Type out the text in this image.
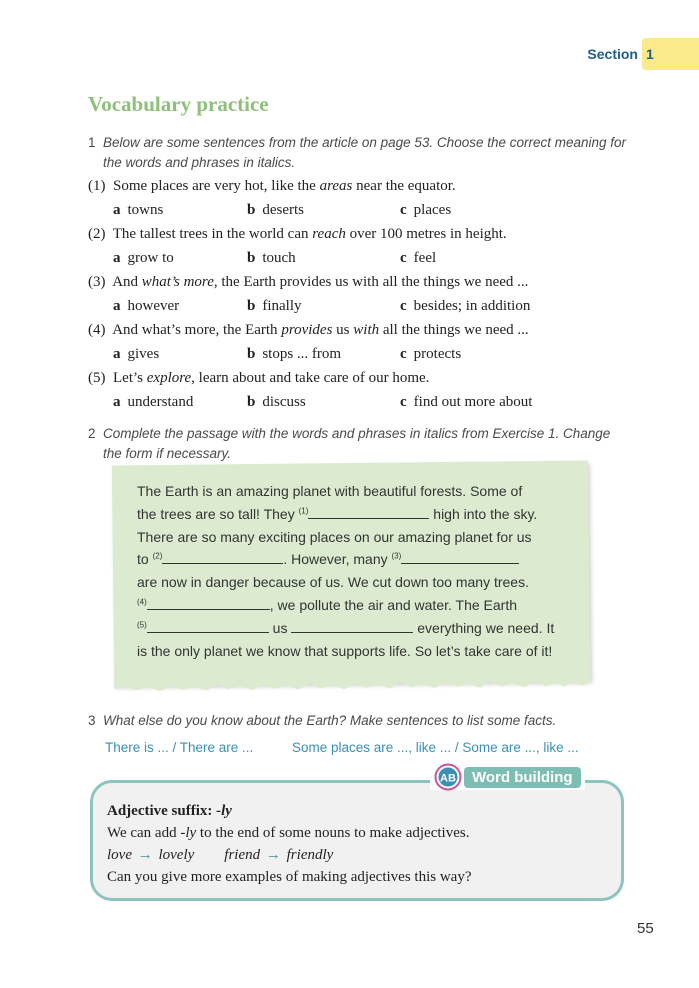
Section 1
Vocabulary practice
1 Below are some sentences from the article on page 53. Choose the correct meaning for
the words and phrases in italics.
(1) Some places are very hot, like the areas near the equator.
a towns	b deserts	c places
(2) The tallest trees in the world can reach over 100 metres in height.
a grow to	b touch	c feel
(3) And what’s more, the Earth provides us with all the things we need ...
a however	b finally	c besides; in addition
(4) And what’s more, the Earth provides us with all the things we need ...
a gives	b stops ... from	c protects
(5) Let’s explore, learn about and take care of our home.
a understand	b discuss	c find out more about
2 Complete the passage with the words and phrases in italics from Exercise 1. Change
the form if necessary.
The Earth is an amazing planet with beautiful forests. Some of
the trees are so tall! They $^{(1)}$	high into the sky.
There are so many exciting places on our amazing planet for us
to $^{(2)}$	. However, many $^{(3)}$
are now in danger because of us. We cut down too many trees.
$^{(4)}$	, we pollute the air and water. The Earth
$^{(5)}$	us	everything we need. It
is the only planet we know that supports life. So let’s take care of it!
3 What else do you know about the Earth? Make sentences to list some facts.
There is ... / There are ...	Some places are ..., like ... / Some are ..., like ...
AB	Word building
Adjective suffix: -ly
We can add -ly to the end of some nouns to make adjectives.
love → lovely friend → friendly
Can you give more examples of making adjectives this way?
55
